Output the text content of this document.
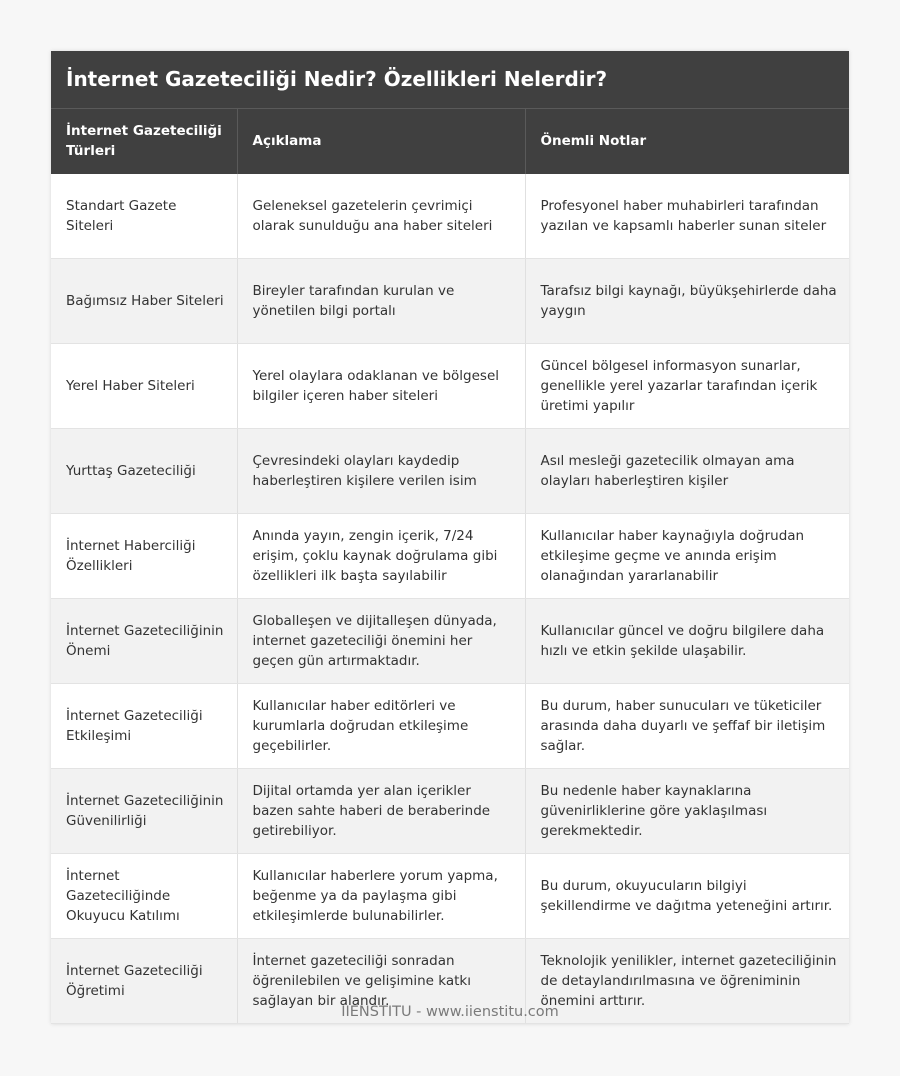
İnternet Gazeteciliği Nedir? Özellikleri Nelerdir?
İnternet Gazeteciliği Türleri	Açıklama	Önemli Notlar
Standart Gazete Siteleri	Geleneksel gazetelerin çevrimiçi olarak sunulduğu ana haber siteleri	Profesyonel haber muhabirleri tarafından yazılan ve kapsamlı haberler sunan siteler
Bağımsız Haber Siteleri	Bireyler tarafından kurulan ve yönetilen bilgi portalı	Tarafsız bilgi kaynağı, büyükşehirlerde daha yaygın
Yerel Haber Siteleri	Yerel olaylara odaklanan ve bölgesel bilgiler içeren haber siteleri	Güncel bölgesel informasyon sunarlar, genellikle yerel yazarlar tarafından içerik üretimi yapılır
Yurttaş Gazeteciliği	Çevresindeki olayları kaydedip haberleştiren kişilere verilen isim	Asıl mesleği gazetecilik olmayan ama olayları haberleştiren kişiler
İnternet Haberciliği Özellikleri	Anında yayın, zengin içerik, 7/24 erişim, çoklu kaynak doğrulama gibi özellikleri ilk başta sayılabilir	Kullanıcılar haber kaynağıyla doğrudan etkileşime geçme ve anında erişim olanağından yararlanabilir
İnternet Gazeteciliğinin Önemi	Globalleşen ve dijitalleşen dünyada, internet gazeteciliği önemini her geçen gün artırmaktadır.	Kullanıcılar güncel ve doğru bilgilere daha hızlı ve etkin şekilde ulaşabilir.
İnternet Gazeteciliği Etkileşimi	Kullanıcılar haber editörleri ve kurumlarla doğrudan etkileşime geçebilirler.	Bu durum, haber sunucuları ve tüketiciler arasında daha duyarlı ve şeffaf bir iletişim sağlar.
İnternet Gazeteciliğinin Güvenilirliği	Dijital ortamda yer alan içerikler bazen sahte haberi de beraberinde getirebiliyor.	Bu nedenle haber kaynaklarına güvenirliklerine göre yaklaşılması gerekmektedir.
İnternet Gazeteciliğinde Okuyucu Katılımı	Kullanıcılar haberlere yorum yapma, beğenme ya da paylaşma gibi etkileşimlerde bulunabilirler.	Bu durum, okuyucuların bilgiyi şekillendirme ve dağıtma yeteneğini artırır.
İnternet Gazeteciliği Öğretimi	İnternet gazeteciliği sonradan öğrenilebilen ve gelişimine katkı sağlayan bir alandır.	Teknolojik yenilikler, internet gazeteciliğinin de detaylandırılmasına ve öğreniminin önemini arttırır.
IIENSTITU - www.iienstitu.com
